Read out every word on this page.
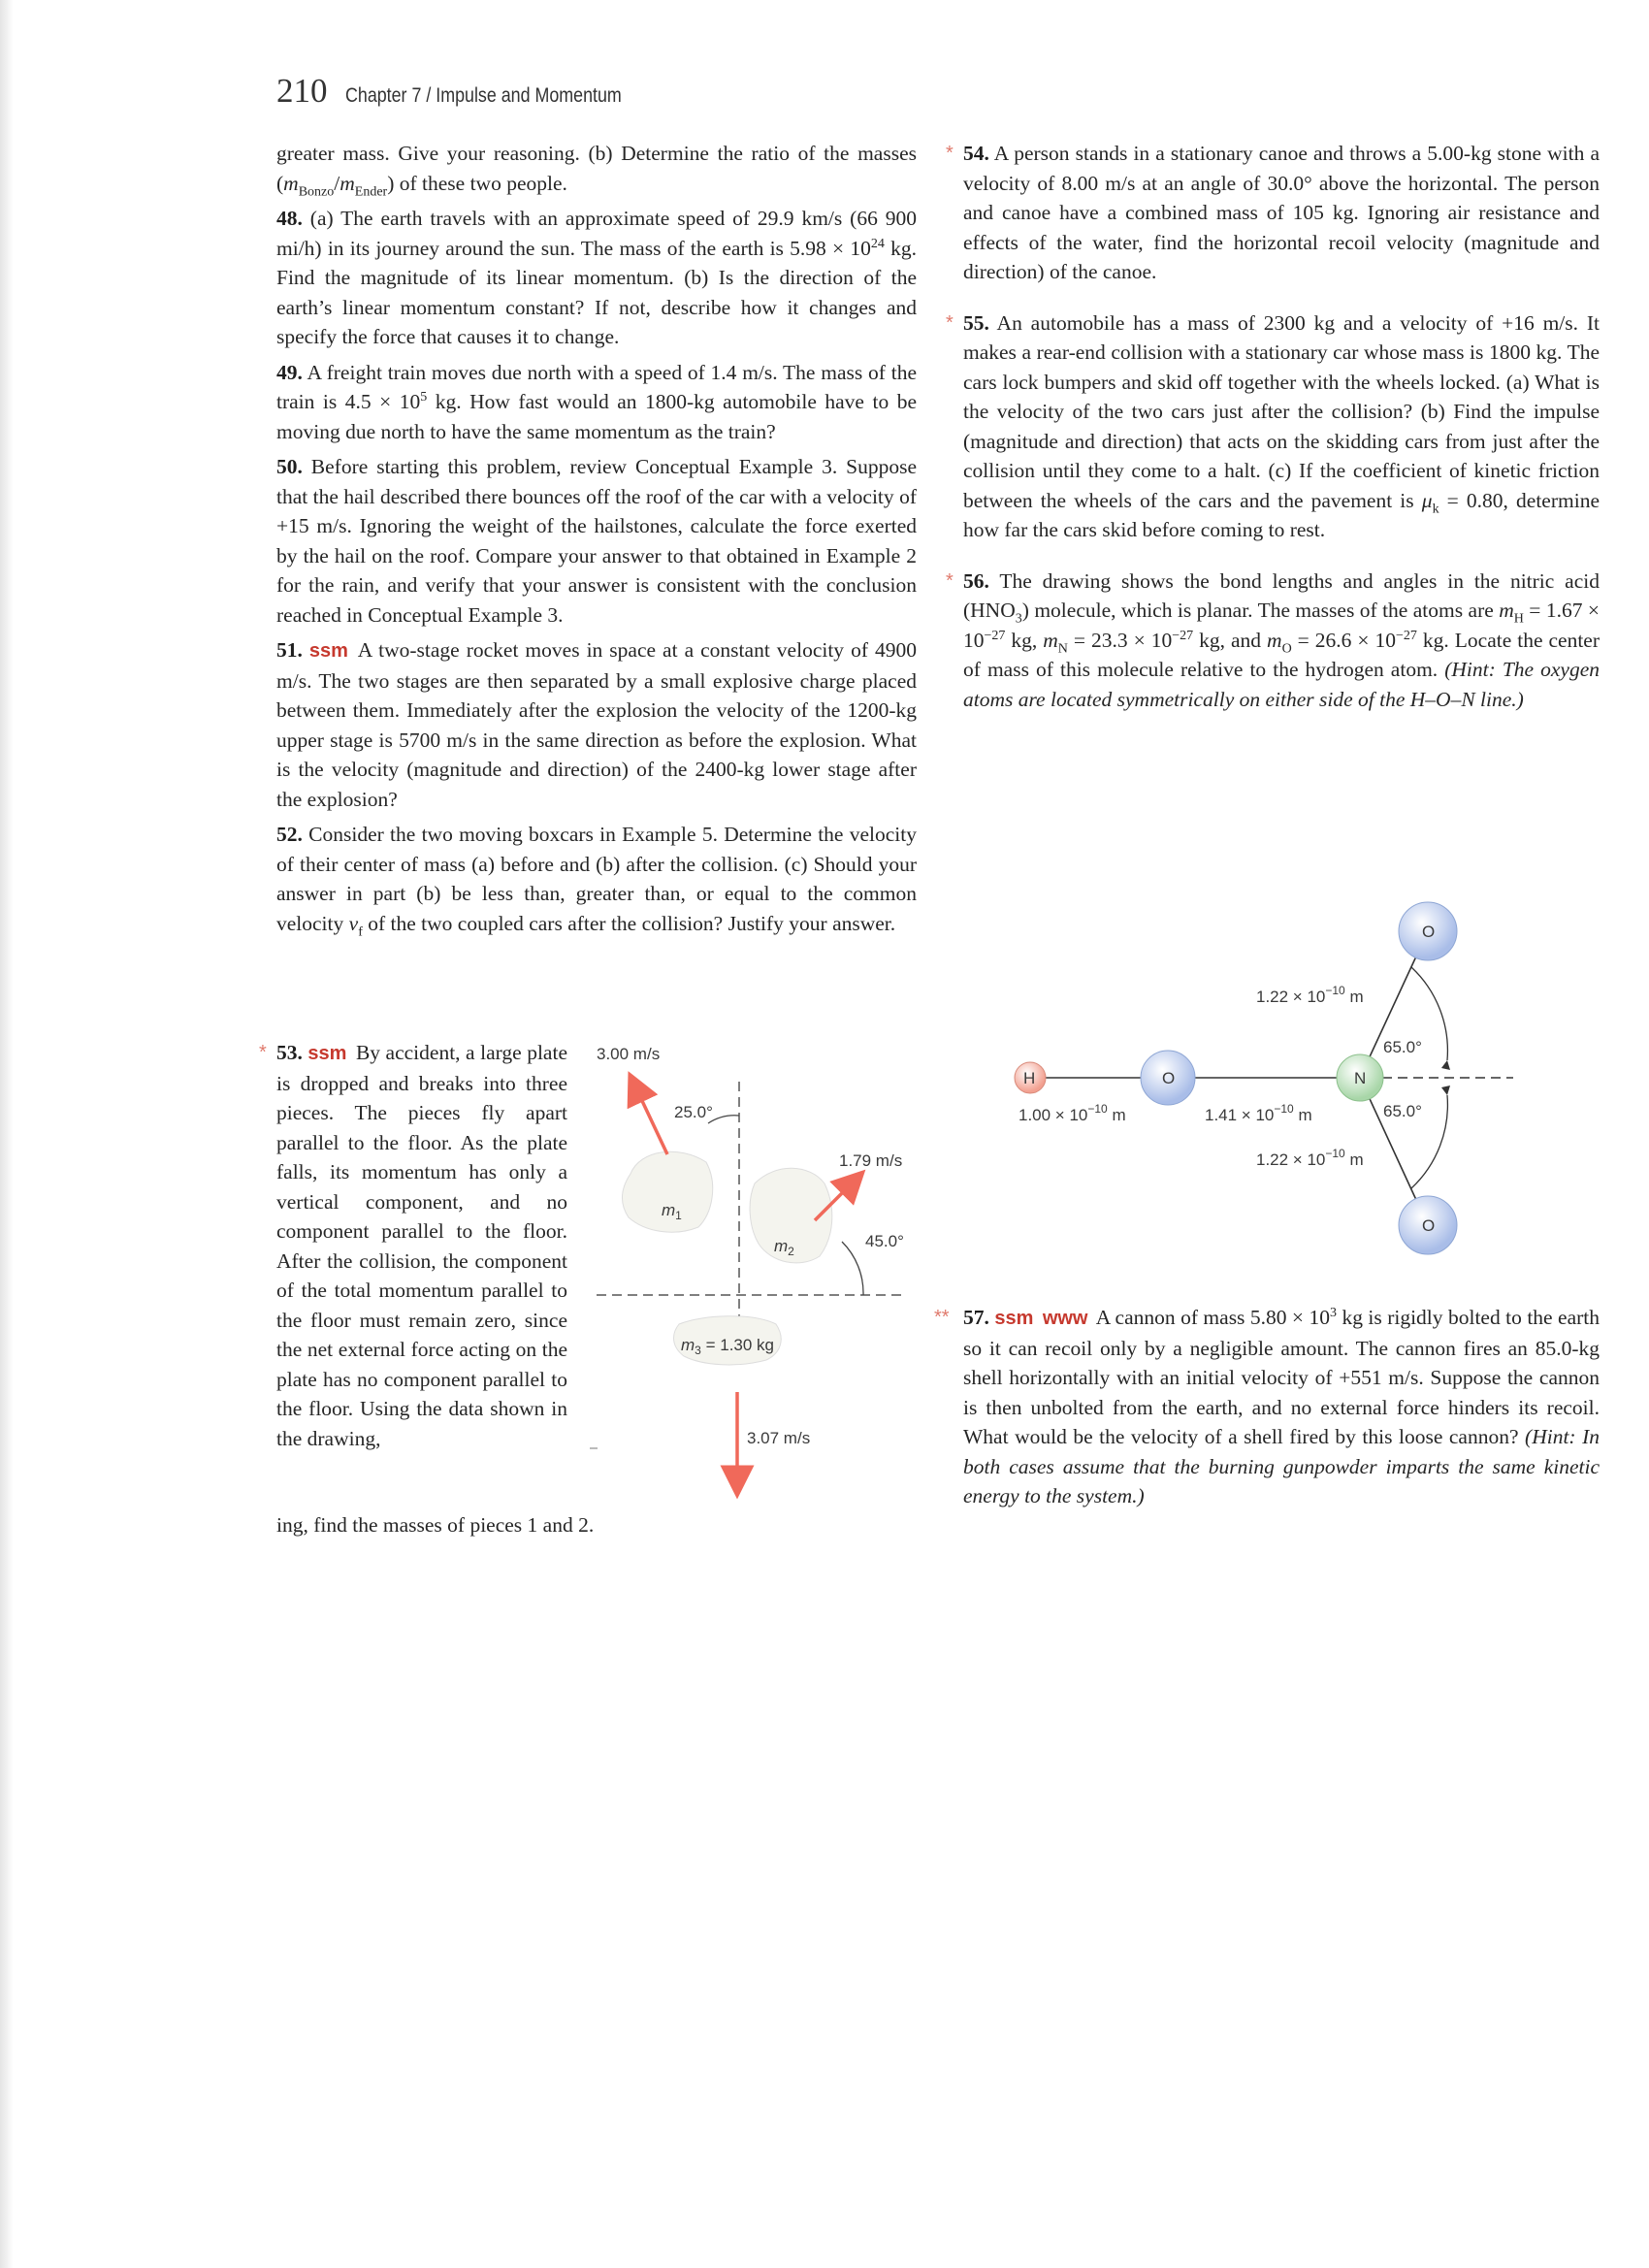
210 Chapter 7 / Impulse and Momentum

greater mass. Give your reasoning. (b) Determine the ratio of the masses $(m_{Bonzo}/m_{Ender})$ of these two people.

48. (a) The earth travels with an approximate speed of 29.9 km/s (66 900 mi/h) in its journey around the sun. The mass of the earth is $5.98 \times 10^{24}$ kg. Find the magnitude of its linear momentum. (b) Is the direction of the earth’s linear momentum constant? If not, describe how it changes and specify the force that causes it to change.

49. A freight train moves due north with a speed of 1.4 m/s. The mass of the train is $4.5 \times 10^5$ kg. How fast would an 1800-kg automobile have to be moving due north to have the same momentum as the train?

50. Before starting this problem, review Conceptual Example 3. Suppose that the hail described there bounces off the roof of the car with a velocity of +15 m/s. Ignoring the weight of the hailstones, calculate the force exerted by the hail on the roof. Compare your answer to that obtained in Example 2 for the rain, and verify that your answer is consistent with the conclusion reached in Conceptual Example 3.

51. ssm A two-stage rocket moves in space at a constant velocity of 4900 m/s. The two stages are then separated by a small explosive charge placed between them. Immediately after the explosion the velocity of the 1200-kg upper stage is 5700 m/s in the same direction as before the explosion. What is the velocity (magnitude and direction) of the 2400-kg lower stage after the explosion?

52. Consider the two moving boxcars in Example 5. Determine the velocity of their center of mass (a) before and (b) after the collision. (c) Should your answer in part (b) be less than, greater than, or equal to the common velocity $v_f$ of the two coupled cars after the collision? Justify your answer.

* 53. ssm By accident, a large plate is dropped and breaks into three pieces. The pieces fly apart parallel to the floor. As the plate falls, its momentum has only a vertical component, and no component parallel to the floor. After the collision, the component of the total momentum parallel to the floor must remain zero, since the net external force acting on the plate has no component parallel to the floor. Using the data shown in the drawing,
ing, find the masses of pieces 1 and 2.
3.00 m/s
25.0°
$m_1$
1.79 m/s
$m_2$
45.0°
$m_3 = 1.30$ kg
3.07 m/s

* 54. A person stands in a stationary canoe and throws a 5.00-kg stone with a velocity of 8.00 m/s at an angle of 30.0° above the horizontal. The person and canoe have a combined mass of 105 kg. Ignoring air resistance and effects of the water, find the horizontal recoil velocity (magnitude and direction) of the canoe.

* 55. An automobile has a mass of 2300 kg and a velocity of +16 m/s. It makes a rear-end collision with a stationary car whose mass is 1800 kg. The cars lock bumpers and skid off together with the wheels locked. (a) What is the velocity of the two cars just after the collision? (b) Find the impulse (magnitude and direction) that acts on the skidding cars from just after the collision until they come to a halt. (c) If the coefficient of kinetic friction between the wheels of the cars and the pavement is $\mu_k = 0.80$, determine how far the cars skid before coming to rest.

* 56. The drawing shows the bond lengths and angles in the nitric acid $(HNO_3)$ molecule, which is planar. The masses of the atoms are $m_H = 1.67 \times 10^{-27}$ kg, $m_N = 23.3 \times 10^{-27}$ kg, and $m_O = 26.6 \times 10^{-27}$ kg. Locate the center of mass of this molecule relative to the hydrogen atom. (Hint: The oxygen atoms are located symmetrically on either side of the H–O–N line.)

H	O	N
O
O
$1.22 \times 10^{-10}$ m
$1.00 \times 10^{-10}$ m	$1.41 \times 10^{-10}$ m
$1.22 \times 10^{-10}$ m
65.0°
65.0°
** 57. ssm www A cannon of mass $5.80 \times 10^3$ kg is rigidly bolted to the earth so it can recoil only by a negligible amount. The cannon fires an 85.0-kg shell horizontally with an initial velocity of +551 m/s. Suppose the cannon is then unbolted from the earth, and no external force hinders its recoil. What would be the velocity of a shell fired by this loose cannon? (Hint: In both cases assume that the burning gunpowder imparts the same kinetic energy to the system.)
